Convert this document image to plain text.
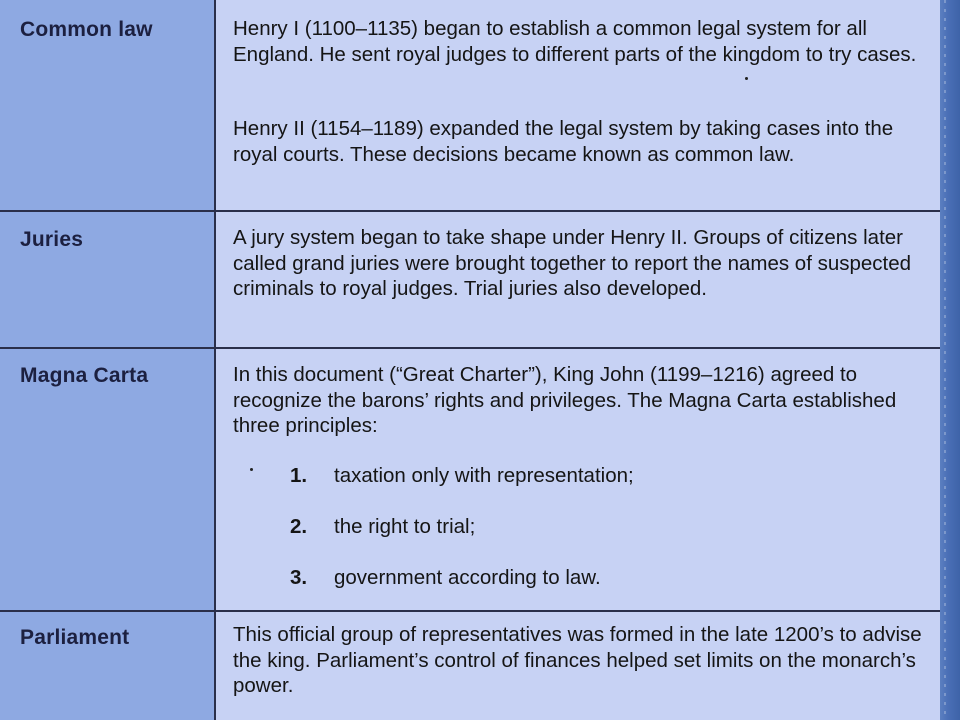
Common law	Henry I (1100–1135) began to establish a common legal system for all England. He sent royal judges to different parts of the kingdom to try cases.

Henry II (1154–1189) expanded the legal system by taking cases into the royal courts. These decisions became known as common law.

Juries	A jury system began to take shape under Henry II. Groups of citizens later called grand juries were brought together to report the names of suspected criminals to royal judges. Trial juries also developed.

Magna Carta	In this document (“Great Charter”), King John (1199–1216) agreed to recognize the barons’ rights and privileges. The Magna Carta established three principles:

1. taxation only with representation;
2. the right to trial;
3. government according to law.
Parliament	This official group of representatives was formed in the late 1200’s to advise the king. Parliament’s control of finances helped set limits on the monarch’s power.
